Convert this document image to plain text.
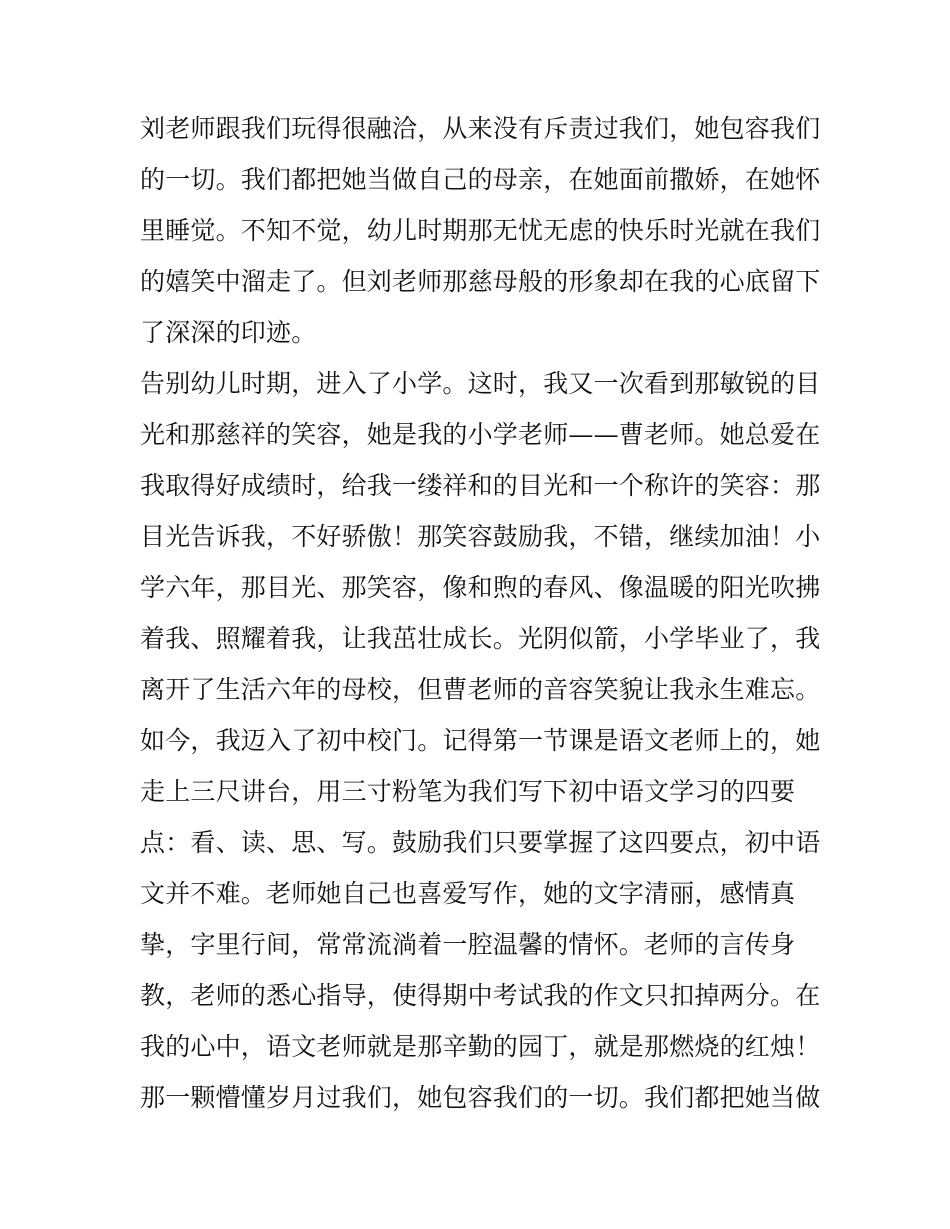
刘老师跟我们玩得很融洽，从来没有斥责过我们，她包容我们
的一切。我们都把她当做自己的母亲，在她面前撒娇，在她怀
里睡觉。不知不觉，幼儿时期那无忧无虑的快乐时光就在我们
的嬉笑中溜走了。但刘老师那慈母般的形象却在我的心底留下
了深深的印迹。
告别幼儿时期，进入了小学。这时，我又一次看到那敏锐的目
光和那慈祥的笑容，她是我的小学老师——曹老师。她总爱在
我取得好成绩时，给我一缕祥和的目光和一个称许的笑容：那
目光告诉我，不好骄傲！那笑容鼓励我，不错，继续加油！小
学六年，那目光、那笑容，像和煦的春风、像温暖的阳光吹拂
着我、照耀着我，让我茁壮成长。光阴似箭，小学毕业了，我
离开了生活六年的母校，但曹老师的音容笑貌让我永生难忘。
如今，我迈入了初中校门。记得第一节课是语文老师上的，她
走上三尺讲台，用三寸粉笔为我们写下初中语文学习的四要
点：看、读、思、写。鼓励我们只要掌握了这四要点，初中语
文并不难。老师她自己也喜爱写作，她的文字清丽，感情真
挚，字里行间，常常流淌着一腔温馨的情怀。老师的言传身
教，老师的悉心指导，使得期中考试我的作文只扣掉两分。在
我的心中，语文老师就是那辛勤的园丁，就是那燃烧的红烛！
那一颗懵懂岁月过我们，她包容我们的一切。我们都把她当做
